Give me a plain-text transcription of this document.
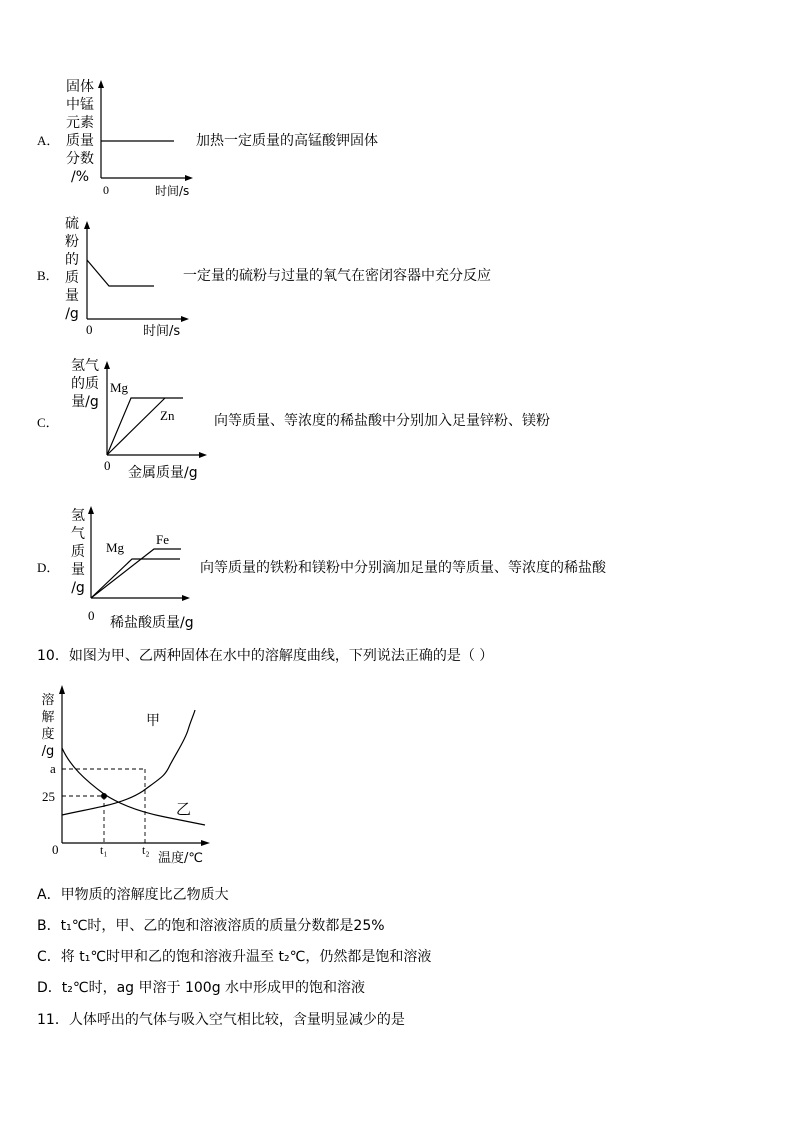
A．
固体
中锰
元素
质量
分数
/%
0	时间/s
加热一定质量的高锰酸钾固体
B．
硫
粉
的
质
量
/g
0	时间/s
一定量的硫粉与过量的氧气在密闭容器中充分反应
C．
氢气
的质
量/g
Mg
Zn
0 金属质量/g
向等质量、等浓度的稀盐酸中分别加入足量锌粉、镁粉
D．
氢
气
质
量
/g
Mg
Fe
0 稀盐酸质量/g
向等质量的铁粉和镁粉中分别滴加足量的等质量、等浓度的稀盐酸
10．如图为甲、乙两种固体在水中的溶解度曲线，下列说法正确的是（ ）
溶
解
度
/g
a
25
0	t₁	t₂
温度/℃
甲
乙
A．甲物质的溶解度比乙物质大
B．t₁℃时，甲、乙的饱和溶液溶质的质量分数都是25%
C．将 t₁℃时甲和乙的饱和溶液升温至 t₂℃，仍然都是饱和溶液
D．t₂℃时，ag 甲溶于 100g 水中形成甲的饱和溶液
11．人体呼出的气体与吸入空气相比较，含量明显减少的是
